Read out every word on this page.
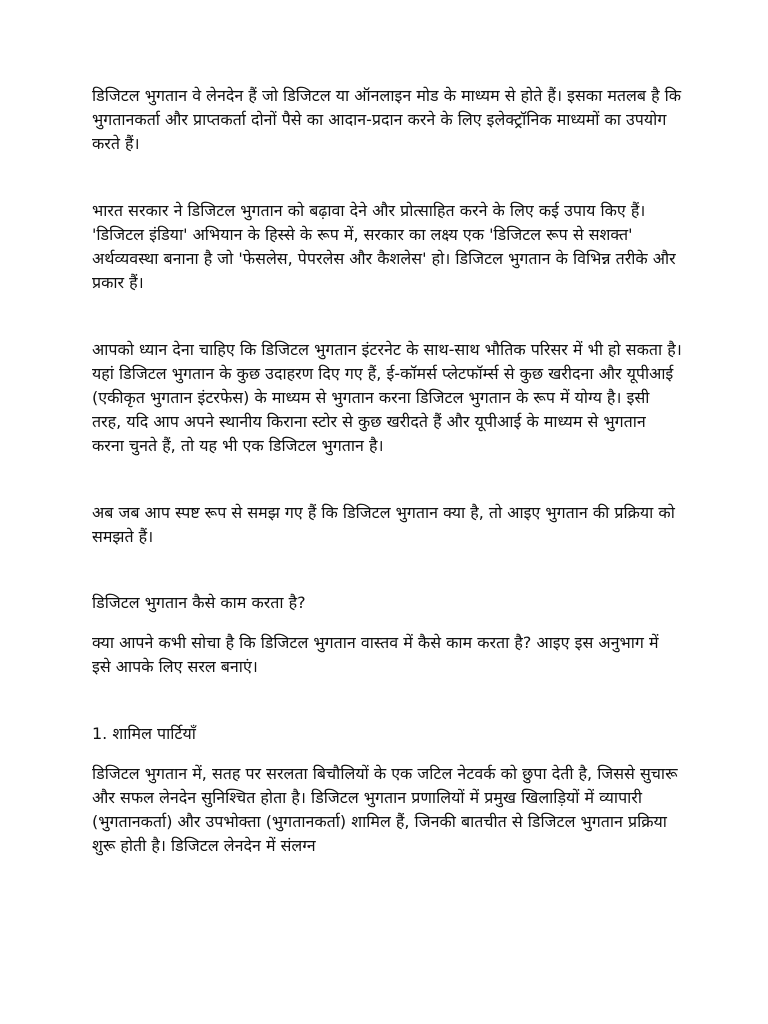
डिजिटल भुगतान वे लेनदेन हैं जो डिजिटल या ऑनलाइन मोड के माध्यम से होते हैं। इसका मतलब है कि भुगतानकर्ता और प्राप्तकर्ता दोनों पैसे का आदान-प्रदान करने के लिए इलेक्ट्रॉनिक माध्यमों का उपयोग करते हैं।

भारत सरकार ने डिजिटल भुगतान को बढ़ावा देने और प्रोत्साहित करने के लिए कई उपाय किए हैं। 'डिजिटल इंडिया' अभियान के हिस्से के रूप में, सरकार का लक्ष्य एक 'डिजिटल रूप से सशक्त' अर्थव्यवस्था बनाना है जो 'फेसलेस, पेपरलेस और कैशलेस' हो। डिजिटल भुगतान के विभिन्न तरीके और प्रकार हैं।

आपको ध्यान देना चाहिए कि डिजिटल भुगतान इंटरनेट के साथ-साथ भौतिक परिसर में भी हो सकता है। यहां डिजिटल भुगतान के कुछ उदाहरण दिए गए हैं, ई-कॉमर्स प्लेटफॉर्म्स से कुछ खरीदना और यूपीआई (एकीकृत भुगतान इंटरफेस) के माध्यम से भुगतान करना डिजिटल भुगतान के रूप में योग्य है। इसी तरह, यदि आप अपने स्थानीय किराना स्टोर से कुछ खरीदते हैं और यूपीआई के माध्यम से भुगतान करना चुनते हैं, तो यह भी एक डिजिटल भुगतान है।

अब जब आप स्पष्ट रूप से समझ गए हैं कि डिजिटल भुगतान क्या है, तो आइए भुगतान की प्रक्रिया को समझते हैं।

डिजिटल भुगतान कैसे काम करता है?

क्या आपने कभी सोचा है कि डिजिटल भुगतान वास्तव में कैसे काम करता है? आइए इस अनुभाग में इसे आपके लिए सरल बनाएं।

1. शामिल पार्टियाँ

डिजिटल भुगतान में, सतह पर सरलता बिचौलियों के एक जटिल नेटवर्क को छुपा देती है, जिससे सुचारू और सफल लेनदेन सुनिश्चित होता है। डिजिटल भुगतान प्रणालियों में प्रमुख खिलाड़ियों में व्यापारी (भुगतानकर्ता) और उपभोक्ता (भुगतानकर्ता) शामिल हैं, जिनकी बातचीत से डिजिटल भुगतान प्रक्रिया शुरू होती है। डिजिटल लेनदेन में संलग्न
